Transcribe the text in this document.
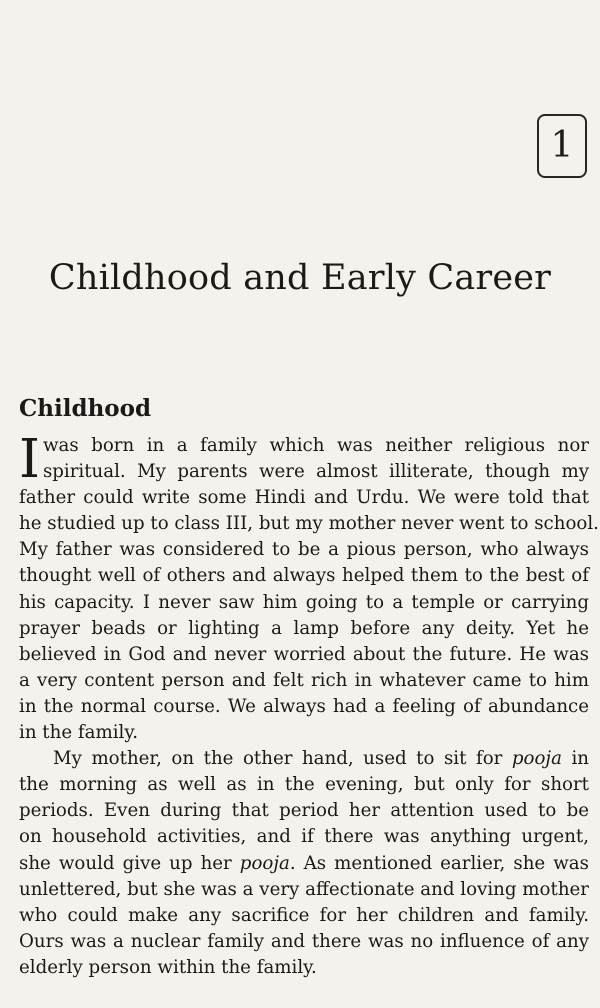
1
Childhood and Early Career
Childhood
I was born in a family which was neither religious nor
spiritual. My parents were almost illiterate, though my
father could write some Hindi and Urdu. We were told that
he studied up to class III, but my mother never went to school.
My father was considered to be a pious person, who always
thought well of others and always helped them to the best of
his capacity. I never saw him going to a temple or carrying
prayer beads or lighting a lamp before any deity. Yet he
believed in God and never worried about the future. He was
a very content person and felt rich in whatever came to him
in the normal course. We always had a feeling of abundance
in the family.
My mother, on the other hand, used to sit for pooja in
the morning as well as in the evening, but only for short
periods. Even during that period her attention used to be
on household activities, and if there was anything urgent,
she would give up her pooja. As mentioned earlier, she was
unlettered, but she was a very affectionate and loving mother
who could make any sacrifice for her children and family.
Ours was a nuclear family and there was no influence of any
elderly person within the family.
